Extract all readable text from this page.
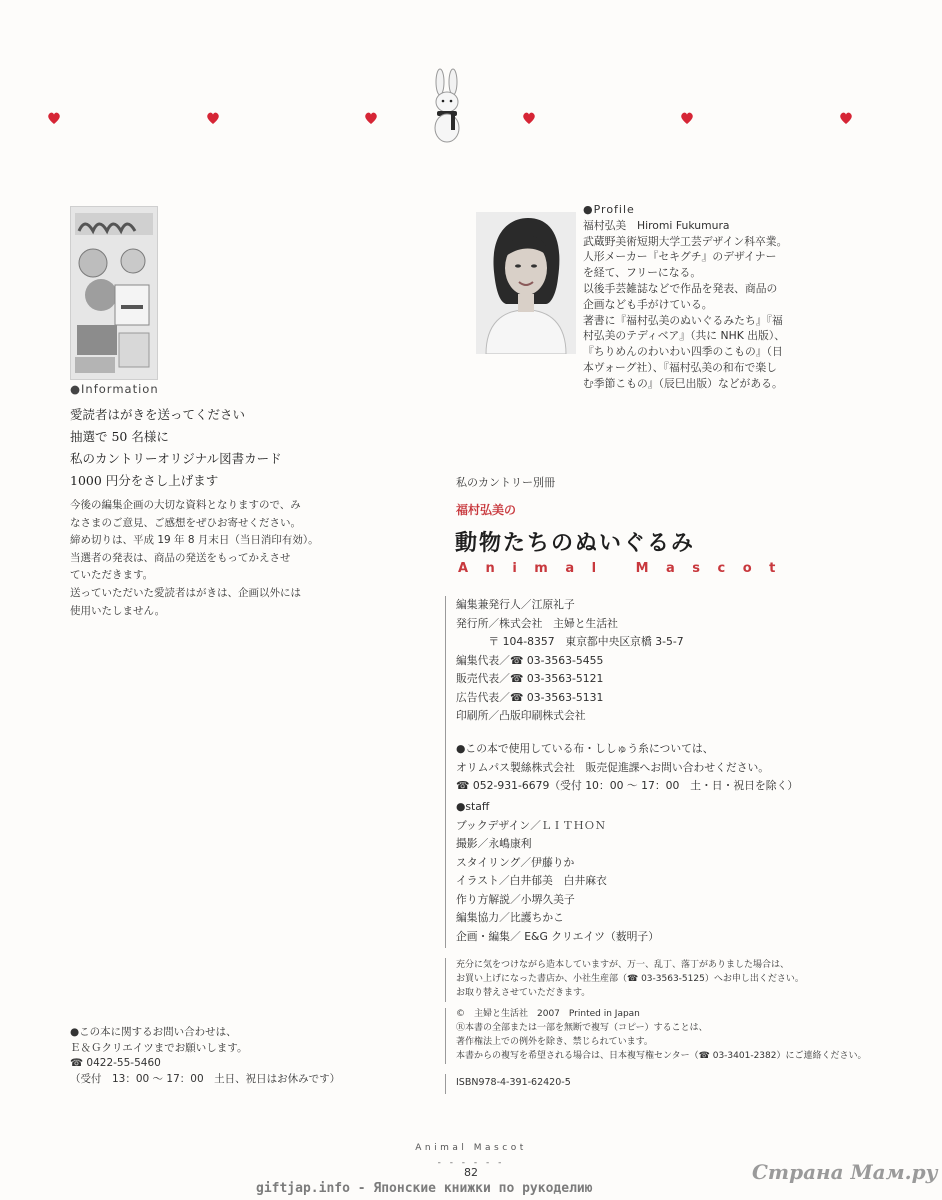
●Information
愛読者はがきを送ってください
抽選で 50 名様に
私のカントリーオリジナル図書カード
1000 円分をさし上げます
今後の編集企画の大切な資料となりますので、み
なさまのご意見、ご感想をぜひお寄せください。
締め切りは、平成 19 年 8 月末日（当日消印有効）。
当選者の発表は、商品の発送をもってかえさせ
ていただきます。
送っていただいた愛読者はがきは、企画以外には
使用いたしません。
●この本に関するお問い合わせは、
Ｅ＆Ｇクリエイツまでお願いします。
☎ 0422-55-5460
（受付　13：00 〜 17：00　土日、祝日はお休みです）
●Profile
福村弘美　Hiromi Fukumura
武蔵野美術短期大学工芸デザイン科卒業。
人形メーカー『セキグチ』のデザイナー
を経て、フリーになる。
以後手芸雑誌などで作品を発表、商品の
企画なども手がけている。
著書に『福村弘美のぬいぐるみたち』『福
村弘美のテディベア』（共に NHK 出版）、
『ちりめんのわいわい四季のこもの』（日
本ヴォーグ社）、『福村弘美の和布で楽し
む季節こもの』（辰巳出版）などがある。
私のカントリー別冊
福村弘美の
動物たちのぬいぐるみ
Animal Mascot
編集兼発行人／江原礼子
発行所／株式会社　主婦と生活社
　　　〒 104-8357　東京都中央区京橋 3-5-7
編集代表／☎ 03-3563-5455
販売代表／☎ 03-3563-5121
広告代表／☎ 03-3563-5131
印刷所／凸版印刷株式会社
●この本で使用している布・ししゅう糸については、
オリムパス製絲株式会社　販売促進課へお問い合わせください。
☎ 052-931-6679（受付 10：00 〜 17：00　土・日・祝日を除く）
●staff
ブックデザイン／ＬＩＴＨＯＮ
撮影／永嶋康利
スタイリング／伊藤りか
イラスト／白井郁美　白井麻衣
作り方解説／小堺久美子
編集協力／比護ちかこ
企画・編集／ E&G クリエイツ（薮明子）
充分に気をつけながら造本していますが、万一、乱丁、落丁がありました場合は、
お買い上げになった書店か、小社生産部（☎ 03-3563-5125）へお申し出ください。
お取り替えさせていただきます。
©　主婦と生活社　2007　Printed in Japan
Ⓡ本書の全部または一部を無断で複写（コピー）することは、
著作権法上での例外を除き、禁じられています。
本書からの複写を希望される場合は、日本複写権センター（☎ 03-3401-2382）にご連絡ください。
ISBN978-4-391-62420-5
Animal Mascot
- - - - - -
82
giftjap.info - Японские книжки по рукоделию
Страна Мам.ру
